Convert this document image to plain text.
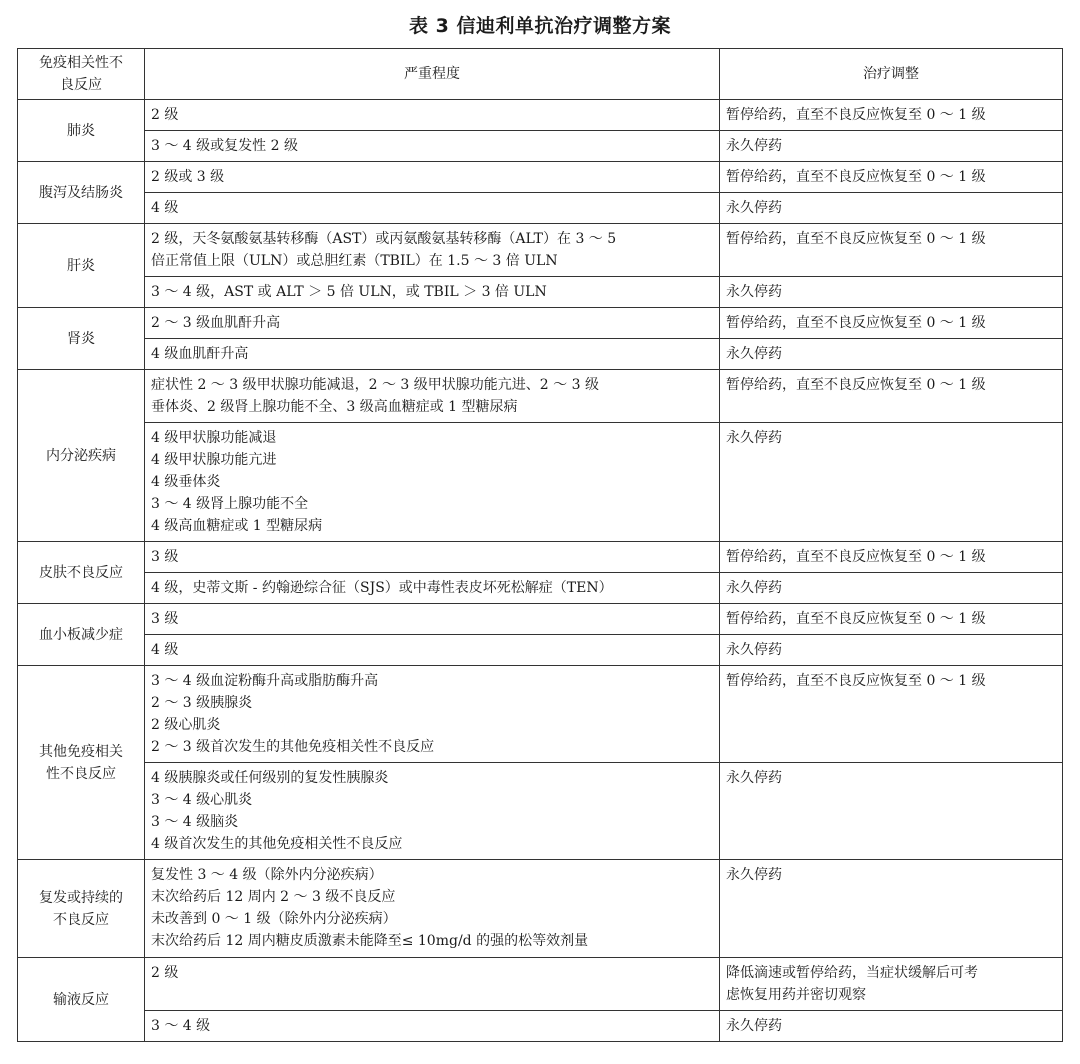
表 3 信迪利单抗治疗调整方案
免疫相关性不
良反应	严重程度	治疗调整
肺炎	2 级	暂停给药，直至不良反应恢复至 0 ～ 1 级
	3 ～ 4 级或复发性 2 级	永久停药
腹泻及结肠炎	2 级或 3 级	暂停给药，直至不良反应恢复至 0 ～ 1 级
	4 级	永久停药
肝炎	2 级，天冬氨酸氨基转移酶（AST）或丙氨酸氨基转移酶（ALT）在 3 ～ 5
倍正常值上限（ULN）或总胆红素（TBIL）在 1.5 ～ 3 倍 ULN	暂停给药，直至不良反应恢复至 0 ～ 1 级
	3 ～ 4 级，AST 或 ALT ＞ 5 倍 ULN，或 TBIL ＞ 3 倍 ULN	永久停药
肾炎	2 ～ 3 级血肌酐升高	暂停给药，直至不良反应恢复至 0 ～ 1 级
	4 级血肌酐升高	永久停药
内分泌疾病	症状性 2 ～ 3 级甲状腺功能减退，2 ～ 3 级甲状腺功能亢进、2 ～ 3 级
垂体炎、2 级肾上腺功能不全、3 级高血糖症或 1 型糖尿病	暂停给药，直至不良反应恢复至 0 ～ 1 级
	4 级甲状腺功能减退
4 级甲状腺功能亢进
4 级垂体炎
3 ～ 4 级肾上腺功能不全
4 级高血糖症或 1 型糖尿病	永久停药
皮肤不良反应	3 级	暂停给药，直至不良反应恢复至 0 ～ 1 级
	4 级，史蒂文斯 - 约翰逊综合征（SJS）或中毒性表皮坏死松解症（TEN）	永久停药
血小板减少症	3 级	暂停给药，直至不良反应恢复至 0 ～ 1 级
	4 级	永久停药
其他免疫相关
性不良反应	3 ～ 4 级血淀粉酶升高或脂肪酶升高
2 ～ 3 级胰腺炎
2 级心肌炎
2 ～ 3 级首次发生的其他免疫相关性不良反应	暂停给药，直至不良反应恢复至 0 ～ 1 级
	4 级胰腺炎或任何级别的复发性胰腺炎
3 ～ 4 级心肌炎
3 ～ 4 级脑炎
4 级首次发生的其他免疫相关性不良反应	永久停药
复发或持续的
不良反应	复发性 3 ～ 4 级（除外内分泌疾病）
末次给药后 12 周内 2 ～ 3 级不良反应
未改善到 0 ～ 1 级（除外内分泌疾病）
末次给药后 12 周内糖皮质激素未能降至≤ 10mg/d 的强的松等效剂量	永久停药
输液反应	2 级	降低滴速或暂停给药，当症状缓解后可考
虑恢复用药并密切观察
	3 ～ 4 级	永久停药
